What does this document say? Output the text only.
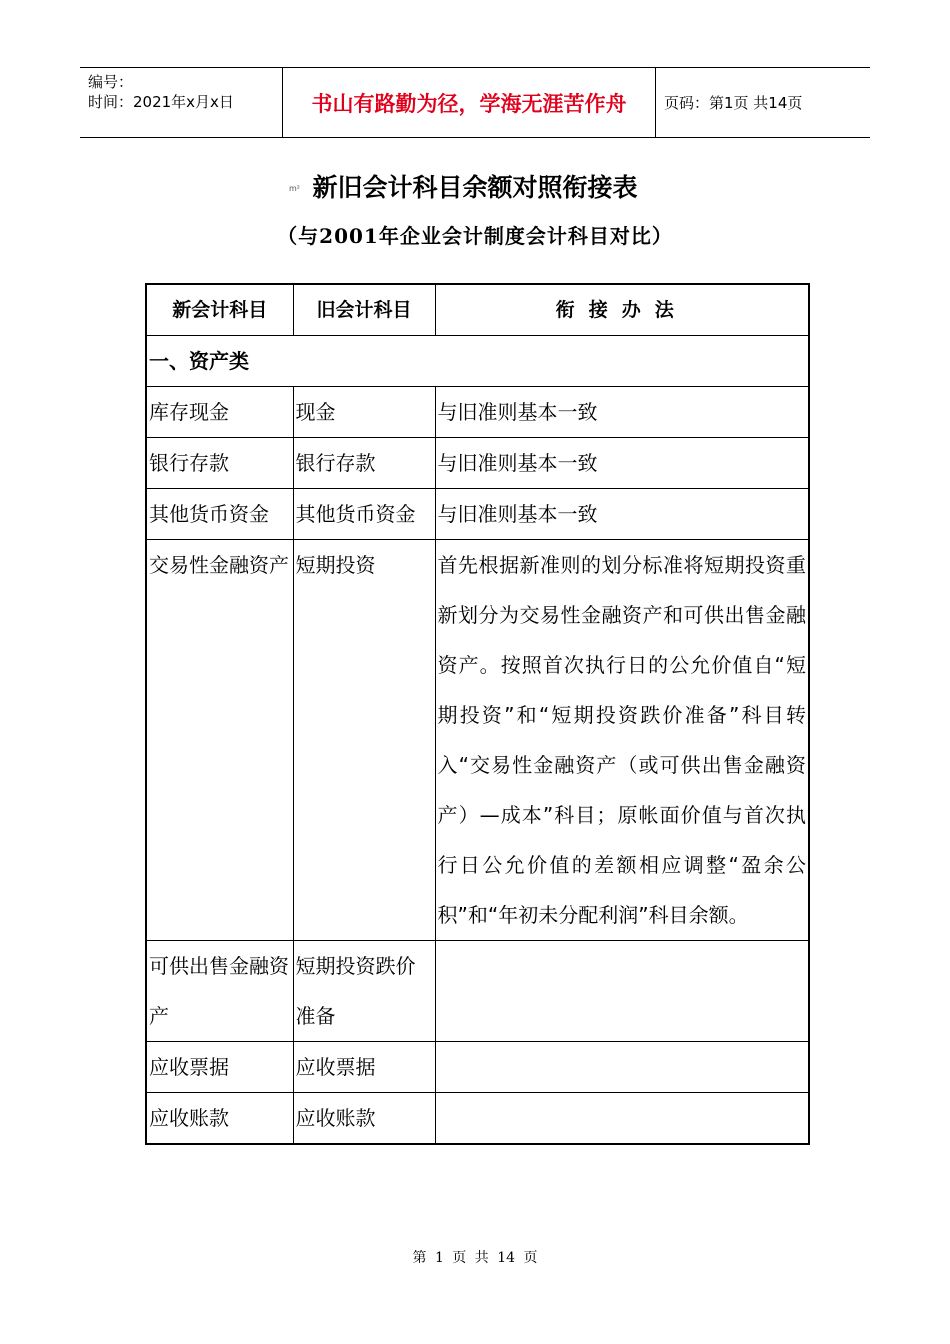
编号：
时间：2021年x月x日	书山有路勤为径，学海无涯苦作舟	页码：第1页 共14页
m² 新旧会计科目余额对照衔接表
（与2001年企业会计制度会计科目对比）
新会计科目	旧会计科目	衔接办法
一、资产类		
库存现金	现金	与旧准则基本一致
银行存款	银行存款	与旧准则基本一致
其他货币资金	其他货币资金	与旧准则基本一致
交易性金融资产	短期投资	首先根据新准则的划分标准将短期投资重新划分为交易性金融资产和可供出售金融资产。按照首次执行日的公允价值自“短期投资”和“短期投资跌价准备”科目转入“交易性金融资产（或可供出售金融资产）—成本”科目；原帐面价值与首次执行日公允价值的差额相应调整“盈余公积”和“年初未分配利润”科目余额。
可供出售金融资产	短期投资跌价准备	
应收票据	应收票据	
应收账款	应收账款	
第 1 页 共 14 页
